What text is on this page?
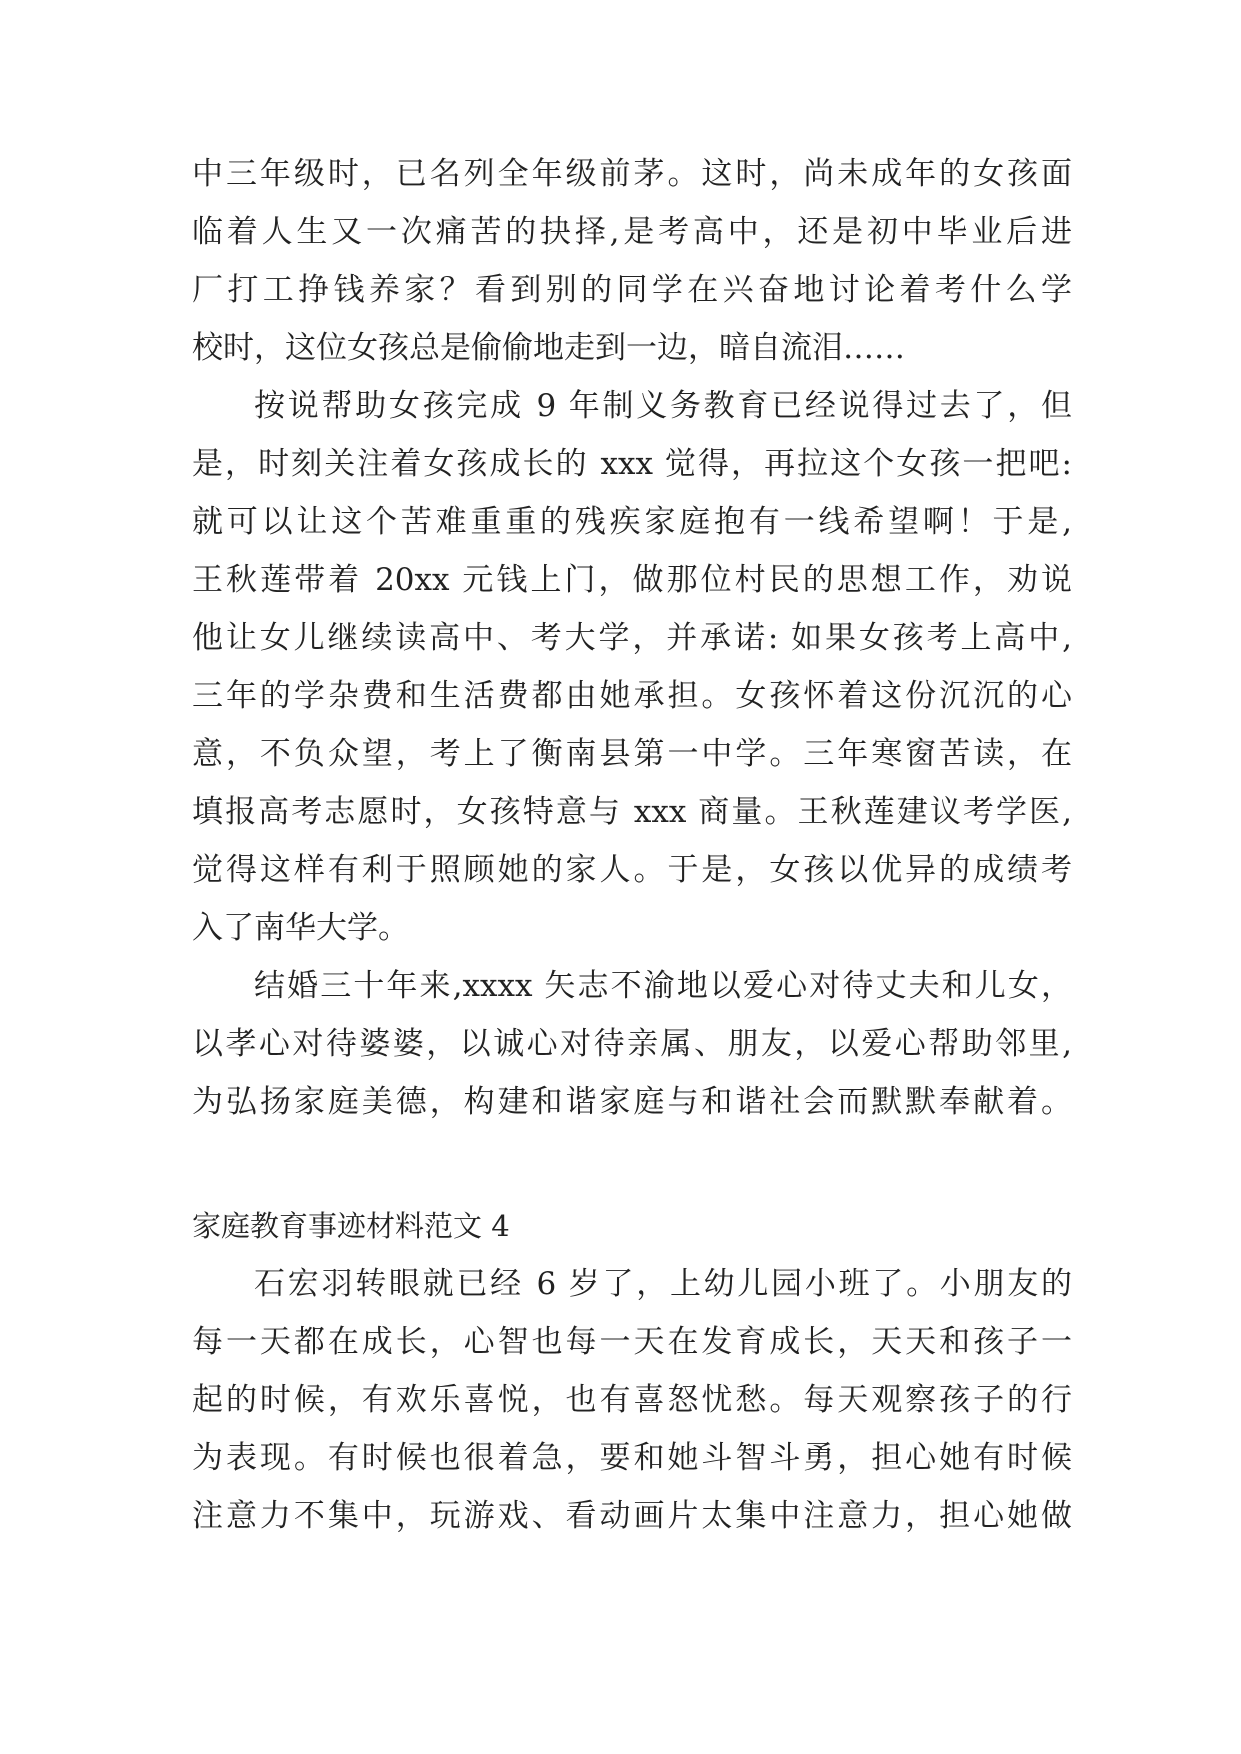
中三年级时，已名列全年级前茅。这时，尚未成年的女孩面
临着人生又一次痛苦的抉择,是考高中，还是初中毕业后进
厂打工挣钱养家？看到别的同学在兴奋地讨论着考什么学
校时，这位女孩总是偷偷地走到一边，暗自流泪……
按说帮助女孩完成 9 年制义务教育已经说得过去了，但
是，时刻关注着女孩成长的 xxx 觉得，再拉这个女孩一把吧:
就可以让这个苦难重重的残疾家庭抱有一线希望啊！于是,
王秋莲带着 20xx 元钱上门，做那位村民的思想工作，劝说
他让女儿继续读高中、考大学，并承诺: 如果女孩考上高中,
三年的学杂费和生活费都由她承担。女孩怀着这份沉沉的心
意，不负众望，考上了衡南县第一中学。三年寒窗苦读，在
填报高考志愿时，女孩特意与 xxx 商量。王秋莲建议考学医,
觉得这样有利于照顾她的家人。于是，女孩以优异的成绩考
入了南华大学。
结婚三十年来,xxxx 矢志不渝地以爱心对待丈夫和儿女，
以孝心对待婆婆，以诚心对待亲属、朋友，以爱心帮助邻里,
为弘扬家庭美德，构建和谐家庭与和谐社会而默默奉献着。
家庭教育事迹材料范文 4
石宏羽转眼就已经 6 岁了，上幼儿园小班了。小朋友的
每一天都在成长，心智也每一天在发育成长，天天和孩子一
起的时候，有欢乐喜悦，也有喜怒忧愁。每天观察孩子的行
为表现。有时候也很着急，要和她斗智斗勇，担心她有时候
注意力不集中，玩游戏、看动画片太集中注意力，担心她做
